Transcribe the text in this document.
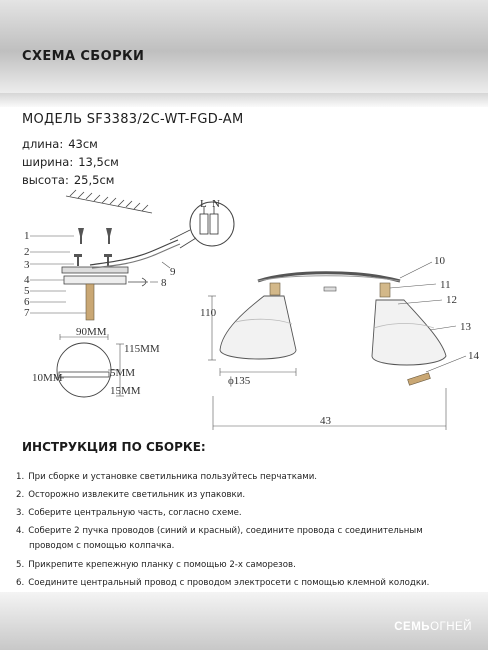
СХЕМА СБОРКИ
МОДЕЛЬ SF3383/2C-WT-FGD-AM
длина: 43см
ширина: 13,5см
высота: 25,5см
L N
1
2
3
4
5
6
7
8
9
90ММ
115ММ
10ММ	5ММ
15ММ
110
ϕ135
43
10
11
12
13
14
ИНСТРУКЦИЯ ПО СБОРКЕ:
1. При сборке и установке светильника пользуйтесь перчатками.
2. Осторожно извлеките светильник из упаковки.
3. Соберите центральную часть, согласно схеме.
4. Соберите 2 пучка проводов (синий и красный), соедините провода с соединительным
проводом с помощью колпачка.
5. Прикрепите крепежную планку с помощью 2-х саморезов.
6. Соедините центральный провод с проводом электросети с помощью клемной колодки.
СЕМЬОГНЕЙ
